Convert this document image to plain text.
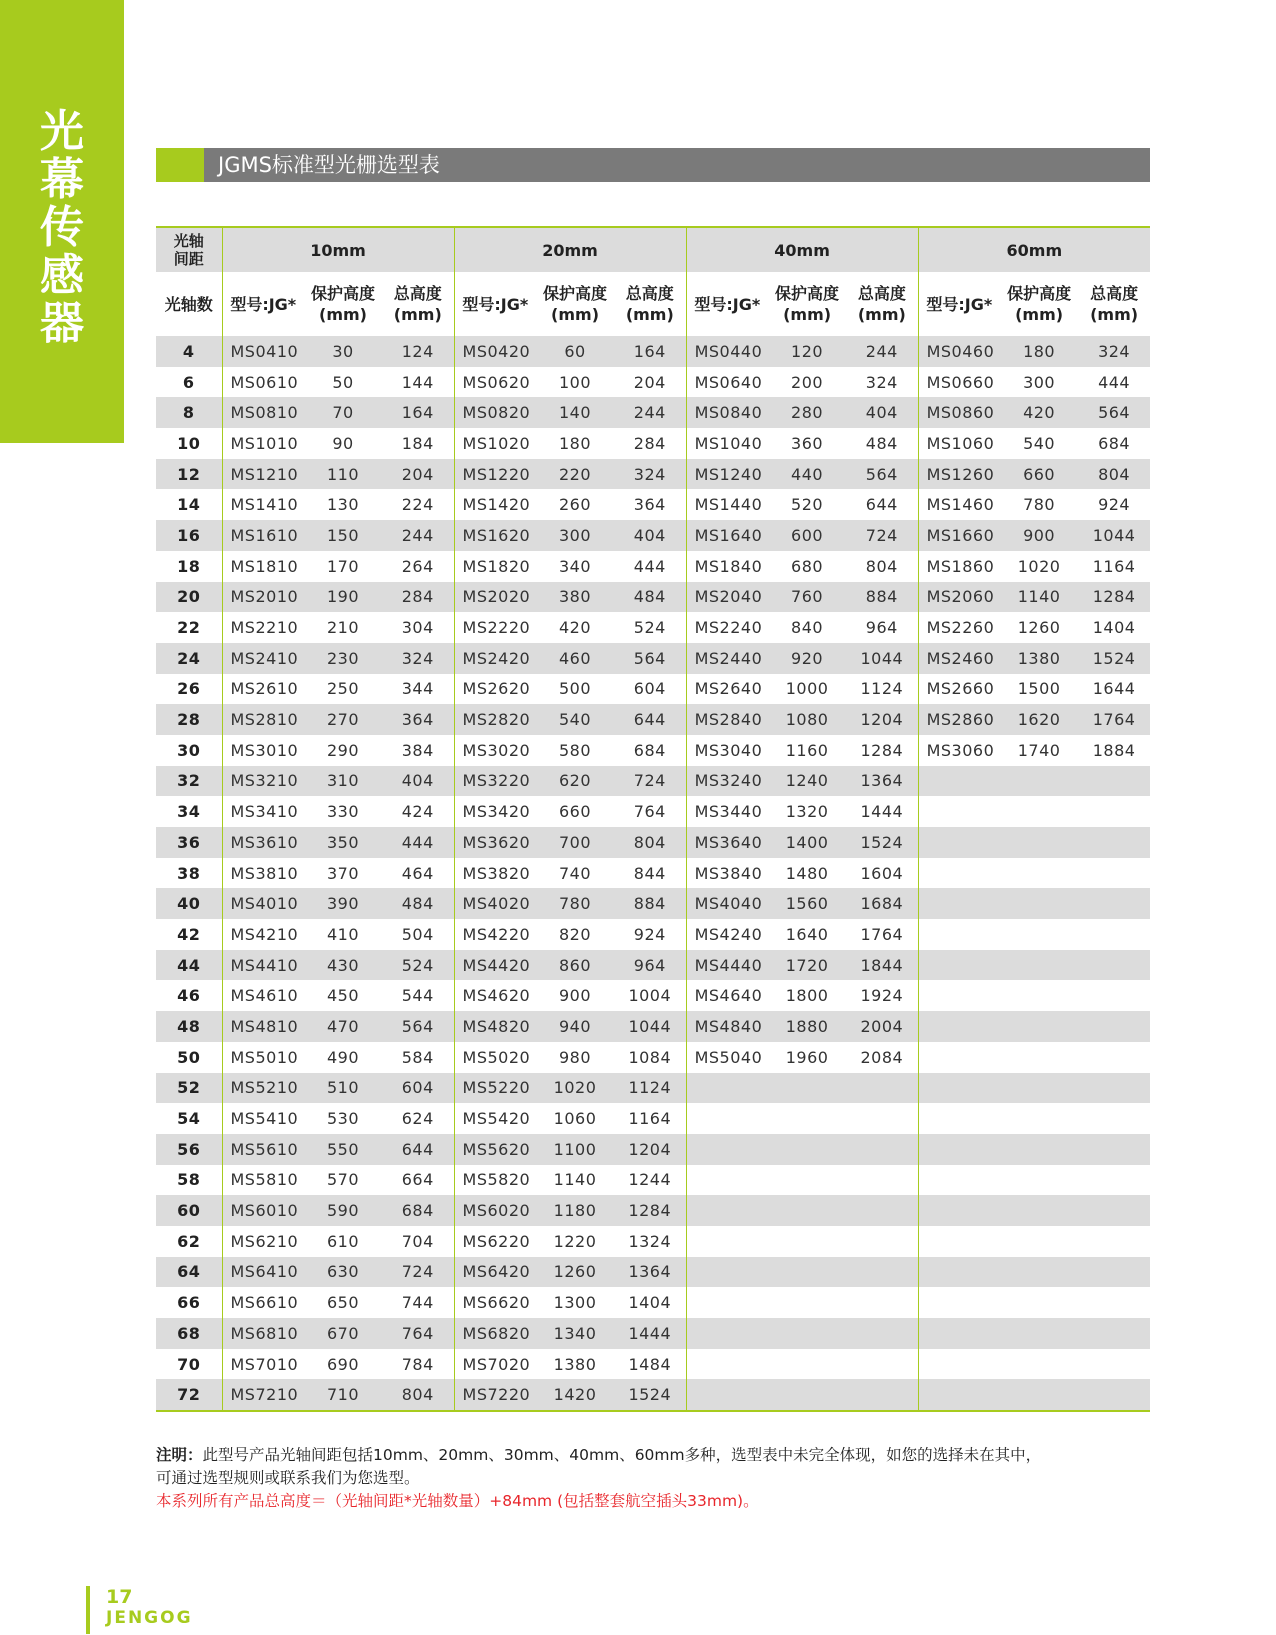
光
幕
传
感
器
JGMS标准型光栅选型表
光轴间距	10mm			20mm			40mm			60mm		
光轴数	型号:JG*	保护高度 (mm)	总高度 (mm)	型号:JG*	保护高度 (mm)	总高度 (mm)	型号:JG*	保护高度 (mm)	总高度 (mm)	型号:JG*	保护高度 (mm)	总高度 (mm)
4	MS0410	30	124	MS0420	60	164	MS0440	120	244	MS0460	180	324
6	MS0610	50	144	MS0620	100	204	MS0640	200	324	MS0660	300	444
8	MS0810	70	164	MS0820	140	244	MS0840	280	404	MS0860	420	564
10	MS1010	90	184	MS1020	180	284	MS1040	360	484	MS1060	540	684
12	MS1210	110	204	MS1220	220	324	MS1240	440	564	MS1260	660	804
14	MS1410	130	224	MS1420	260	364	MS1440	520	644	MS1460	780	924
16	MS1610	150	244	MS1620	300	404	MS1640	600	724	MS1660	900	1044
18	MS1810	170	264	MS1820	340	444	MS1840	680	804	MS1860	1020	1164
20	MS2010	190	284	MS2020	380	484	MS2040	760	884	MS2060	1140	1284
22	MS2210	210	304	MS2220	420	524	MS2240	840	964	MS2260	1260	1404
24	MS2410	230	324	MS2420	460	564	MS2440	920	1044	MS2460	1380	1524
26	MS2610	250	344	MS2620	500	604	MS2640	1000	1124	MS2660	1500	1644
28	MS2810	270	364	MS2820	540	644	MS2840	1080	1204	MS2860	1620	1764
30	MS3010	290	384	MS3020	580	684	MS3040	1160	1284	MS3060	1740	1884
32	MS3210	310	404	MS3220	620	724	MS3240	1240	1364			
34	MS3410	330	424	MS3420	660	764	MS3440	1320	1444			
36	MS3610	350	444	MS3620	700	804	MS3640	1400	1524			
38	MS3810	370	464	MS3820	740	844	MS3840	1480	1604			
40	MS4010	390	484	MS4020	780	884	MS4040	1560	1684			
42	MS4210	410	504	MS4220	820	924	MS4240	1640	1764			
44	MS4410	430	524	MS4420	860	964	MS4440	1720	1844			
46	MS4610	450	544	MS4620	900	1004	MS4640	1800	1924			
48	MS4810	470	564	MS4820	940	1044	MS4840	1880	2004			
50	MS5010	490	584	MS5020	980	1084	MS5040	1960	2084			
52	MS5210	510	604	MS5220	1020	1124						
54	MS5410	530	624	MS5420	1060	1164						
56	MS5610	550	644	MS5620	1100	1204						
58	MS5810	570	664	MS5820	1140	1244						
60	MS6010	590	684	MS6020	1180	1284						
62	MS6210	610	704	MS6220	1220	1324						
64	MS6410	630	724	MS6420	1260	1364						
66	MS6610	650	744	MS6620	1300	1404						
68	MS6810	670	764	MS6820	1340	1444						
70	MS7010	690	784	MS7020	1380	1484						
72	MS7210	710	804	MS7220	1420	1524						
注明：此型号产品光轴间距包括10mm、20mm、30mm、40mm、60mm多种，选型表中未完全体现，如您的选择未在其中，
可通过选型规则或联系我们为您选型。
本系列所有产品总高度＝（光轴间距*光轴数量）+84mm (包括整套航空插头33mm)。
17
JENGOG
